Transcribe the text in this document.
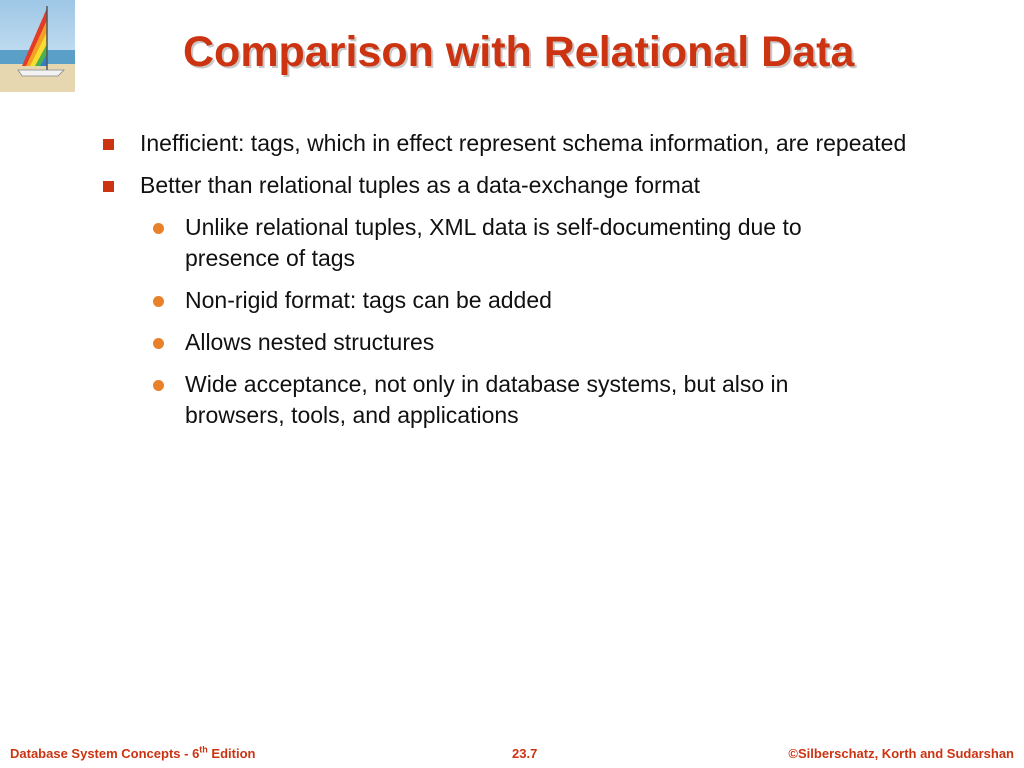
Comparison with Relational Data
Inefficient: tags, which in effect represent schema information, are repeated
Better than relational tuples as a data-exchange format
Unlike relational tuples, XML data is self-documenting due to presence of tags
Non-rigid format: tags can be added
Allows nested structures
Wide acceptance, not only in database systems, but also in browsers, tools, and applications
Database System Concepts - 6th Edition	23.7	©Silberschatz, Korth and Sudarshan
